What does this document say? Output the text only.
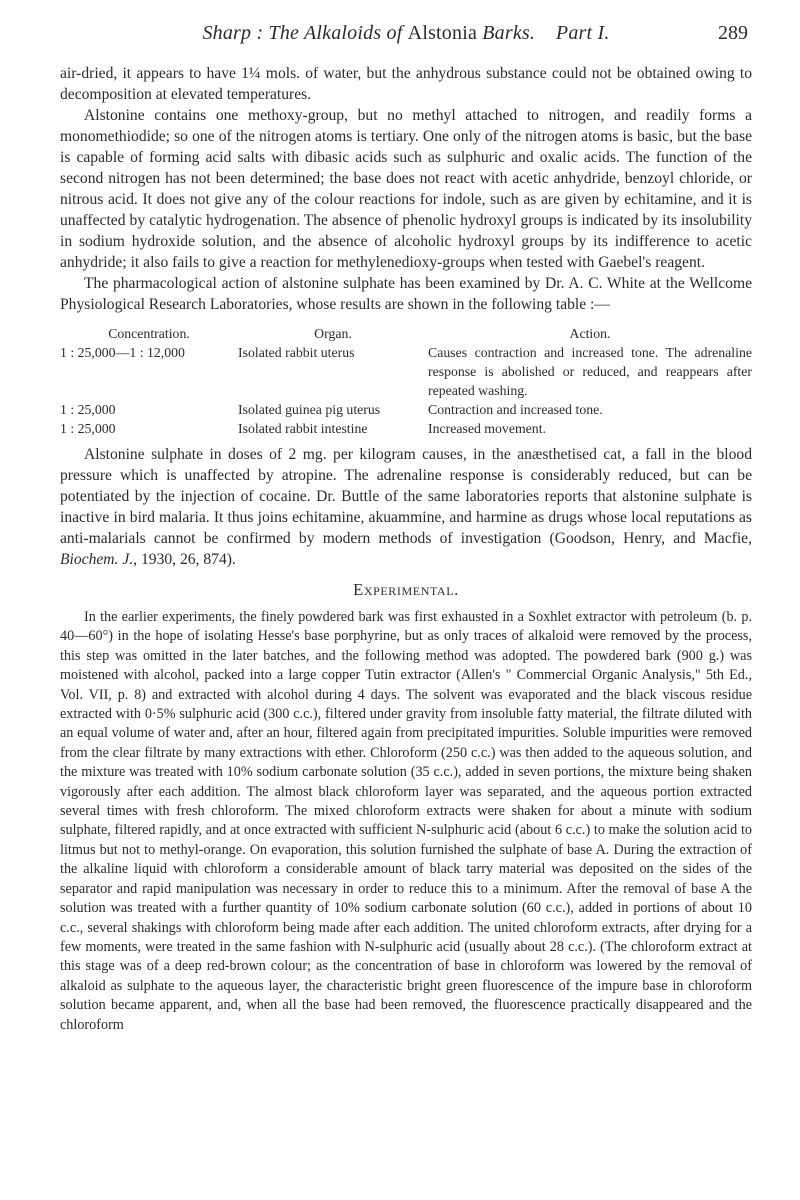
Sharp : The Alkaloids of Alstonia Barks. Part I.	289

air-dried, it appears to have 1¼ mols. of water, but the anhydrous substance could not be obtained owing to decomposition at elevated temperatures.

Alstonine contains one methoxy-group, but no methyl attached to nitrogen, and readily forms a monomethiodide; so one of the nitrogen atoms is tertiary. One only of the nitrogen atoms is basic, but the base is capable of forming acid salts with dibasic acids such as sulphuric and oxalic acids. The function of the second nitrogen has not been determined; the base does not react with acetic anhydride, benzoyl chloride, or nitrous acid. It does not give any of the colour reactions for indole, such as are given by echitamine, and it is unaffected by catalytic hydrogenation. The absence of phenolic hydroxyl groups is indicated by its insolubility in sodium hydroxide solution, and the absence of alcoholic hydroxyl groups by its indifference to acetic anhydride; it also fails to give a reaction for methylenedioxy-groups when tested with Gaebel's reagent.

The pharmacological action of alstonine sulphate has been examined by Dr. A. C. White at the Wellcome Physiological Research Laboratories, whose results are shown in the following table :—

Concentration.	Organ.	Action.
1 : 25,000—1 : 12,000	Isolated rabbit uterus	Causes contraction and increased tone. The adrenaline response is abolished or reduced, and reappears after repeated washing.
1 : 25,000	Isolated guinea pig uterus	Contraction and increased tone.
1 : 25,000	Isolated rabbit intestine	Increased movement.

Alstonine sulphate in doses of 2 mg. per kilogram causes, in the anæsthetised cat, a fall in the blood pressure which is unaffected by atropine. The adrenaline response is considerably reduced, but can be potentiated by the injection of cocaine. Dr. Buttle of the same laboratories reports that alstonine sulphate is inactive in bird malaria. It thus joins echitamine, akuammine, and harmine as drugs whose local reputations as anti-malarials cannot be confirmed by modern methods of investigation (Goodson, Henry, and Macfie, Biochem. J., 1930, 26, 874).

Experimental.

In the earlier experiments, the finely powdered bark was first exhausted in a Soxhlet extractor with petroleum (b. p. 40—60°) in the hope of isolating Hesse's base porphyrine, but as only traces of alkaloid were removed by the process, this step was omitted in the later batches, and the following method was adopted. The powdered bark (900 g.) was moistened with alcohol, packed into a large copper Tutin extractor (Allen's " Commercial Organic Analysis," 5th Ed., Vol. VII, p. 8) and extracted with alcohol during 4 days. The solvent was evaporated and the black viscous residue extracted with 0·5% sulphuric acid (300 c.c.), filtered under gravity from insoluble fatty material, the filtrate diluted with an equal volume of water and, after an hour, filtered again from precipitated impurities. Soluble impurities were removed from the clear filtrate by many extractions with ether. Chloroform (250 c.c.) was then added to the aqueous solution, and the mixture was treated with 10% sodium carbonate solution (35 c.c.), added in seven portions, the mixture being shaken vigorously after each addition. The almost black chloroform layer was separated, and the aqueous portion extracted several times with fresh chloroform. The mixed chloroform extracts were shaken for about a minute with sodium sulphate, filtered rapidly, and at once extracted with sufficient N-sulphuric acid (about 6 c.c.) to make the solution acid to litmus but not to methyl-orange. On evaporation, this solution furnished the sulphate of base A. During the extraction of the alkaline liquid with chloroform a considerable amount of black tarry material was deposited on the sides of the separator and rapid manipulation was necessary in order to reduce this to a minimum. After the removal of base A the solution was treated with a further quantity of 10% sodium carbonate solution (60 c.c.), added in portions of about 10 c.c., several shakings with chloroform being made after each addition. The united chloroform extracts, after drying for a few moments, were treated in the same fashion with N-sulphuric acid (usually about 28 c.c.). (The chloroform extract at this stage was of a deep red-brown colour; as the concentration of base in chloroform was lowered by the removal of alkaloid as sulphate to the aqueous layer, the characteristic bright green fluorescence of the impure base in chloroform solution became apparent, and, when all the base had been removed, the fluorescence practically disappeared and the chloroform
